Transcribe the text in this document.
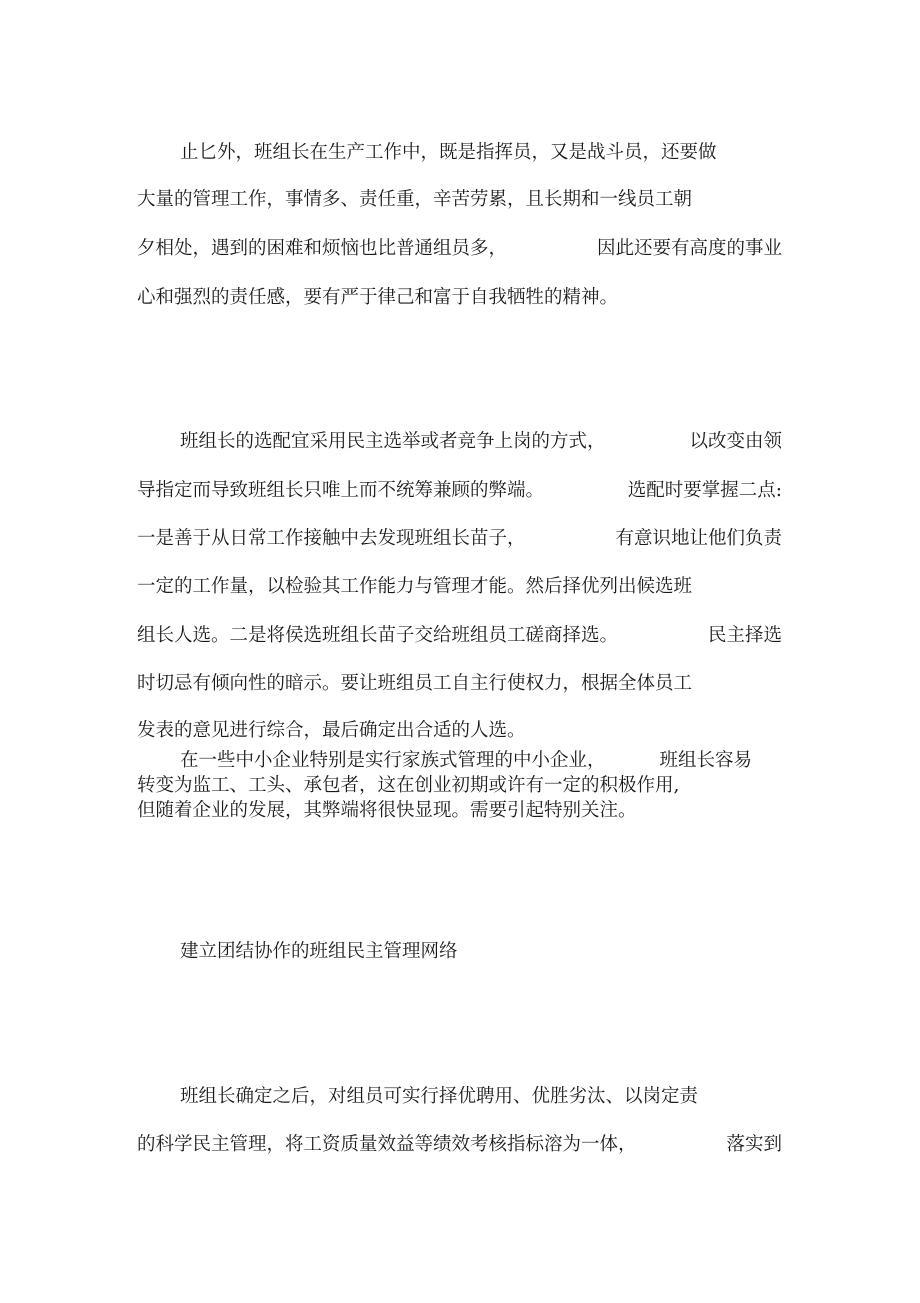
止匕外，班组长在生产工作中，既是指挥员，又是战斗员，还要做
大量的管理工作，事情多、责任重，辛苦劳累，且长期和一线员工朝
夕相处，遇到的困难和烦恼也比普通组员多，	因此还要有高度的事业
心和强烈的责任感，要有严于律己和富于自我牺牲的精神。
班组长的选配宜采用民主选举或者竞争上岗的方式，	以改变由领
导指定而导致班组长只唯上而不统筹兼顾的弊端。	选配时要掌握二点:
一是善于从日常工作接触中去发现班组长苗子，	有意识地让他们负责
一定的工作量，以检验其工作能力与管理才能。然后择优列出候选班
组长人选。二是将侯选班组长苗子交给班组员工磋商择选。	民主择选
时切忌有倾向性的暗示。要让班组员工自主行使权力，根据全体员工
发表的意见进行综合，最后确定出合适的人选。
在一些中小企业特别是实行家族式管理的中小企业，	班组长容易
转变为监工、工头、承包者，这在创业初期或许有一定的积极作用,
但随着企业的发展，其弊端将很快显现。需要引起特别关注。
建立团结协作的班组民主管理网络
班组长确定之后，对组员可实行择优聘用、优胜劣汰、以岗定责
的科学民主管理，将工资质量效益等绩效考核指标溶为一体，	落实到
